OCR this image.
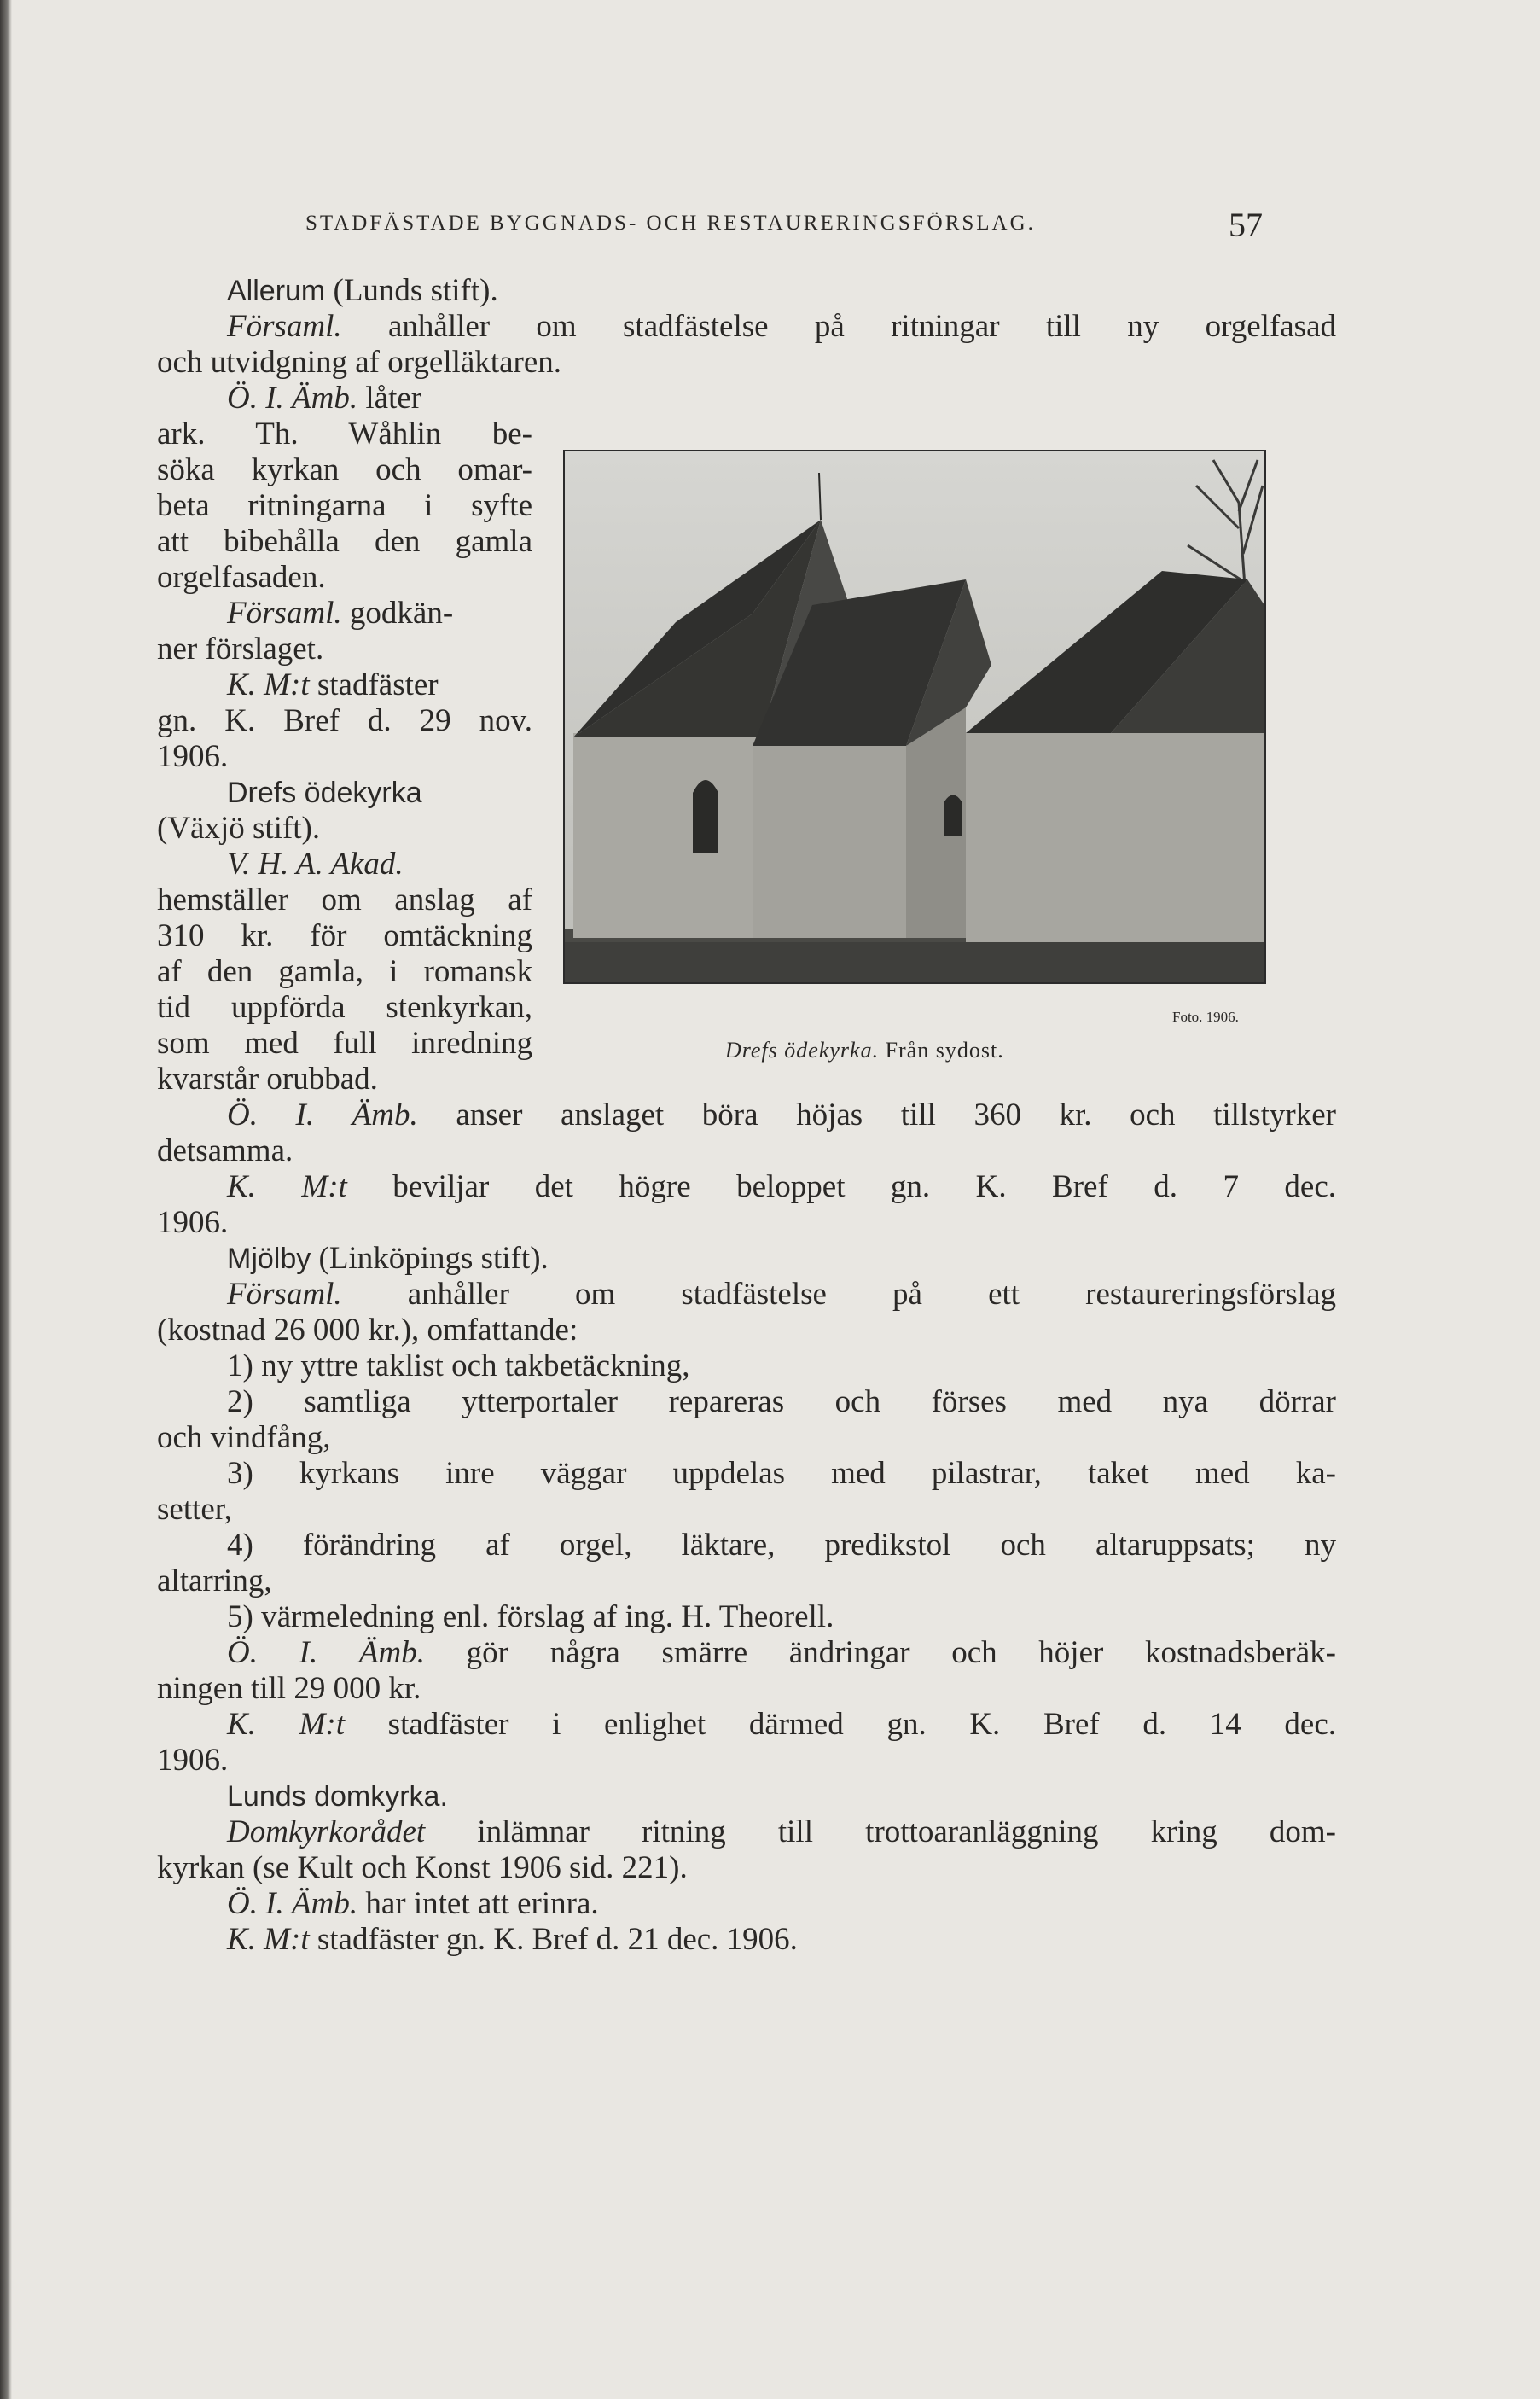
STADFÄSTADE BYGGNADS- OCH RESTAURERINGSFÖRSLAG.	57
Drefs ödekyrka. Från sydost.
Foto. 1906.
Allerum (Lunds stift).
Församl. anhåller om stadfästelse på ritningar till ny orgelfasad
och utvidgning af orgelläktaren.
Ö. I. Ämb. låter
ark. Th. Wåhlin be-
söka kyrkan och omar-
beta ritningarna i syfte
att bibehålla den gamla
orgelfasaden.
Församl. godkän-
ner förslaget.
K. M:t stadfäster
gn. K. Bref d. 29 nov.
1906.
Drefs ödekyrka
(Växjö stift).
V. H. A. Akad.
hemställer om anslag af
310 kr. för omtäckning
af den gamla, i romansk
tid uppförda stenkyrkan,
som med full inredning
kvarstår orubbad.
Ö. I. Ämb. anser anslaget böra höjas till 360 kr. och tillstyrker
detsamma.
K. M:t beviljar det högre beloppet gn. K. Bref d. 7 dec.
1906.
Mjölby (Linköpings stift).
Församl. anhåller om stadfästelse på ett restaureringsförslag
(kostnad 26 000 kr.), omfattande:
1) ny yttre taklist och takbetäckning,
2) samtliga ytterportaler repareras och förses med nya dörrar
och vindfång,
3) kyrkans inre väggar uppdelas med pilastrar, taket med ka-
setter,
4) förändring af orgel, läktare, predikstol och altaruppsats; ny
altarring,
5) värmeledning enl. förslag af ing. H. Theorell.
Ö. I. Ämb. gör några smärre ändringar och höjer kostnadsberäk-
ningen till 29 000 kr.
K. M:t stadfäster i enlighet därmed gn. K. Bref d. 14 dec.
1906.
Lunds domkyrka.
Domkyrkorådet inlämnar ritning till trottoaranläggning kring dom-
kyrkan (se Kult och Konst 1906 sid. 221).
Ö. I. Ämb. har intet att erinra.
K. M:t stadfäster gn. K. Bref d. 21 dec. 1906.
